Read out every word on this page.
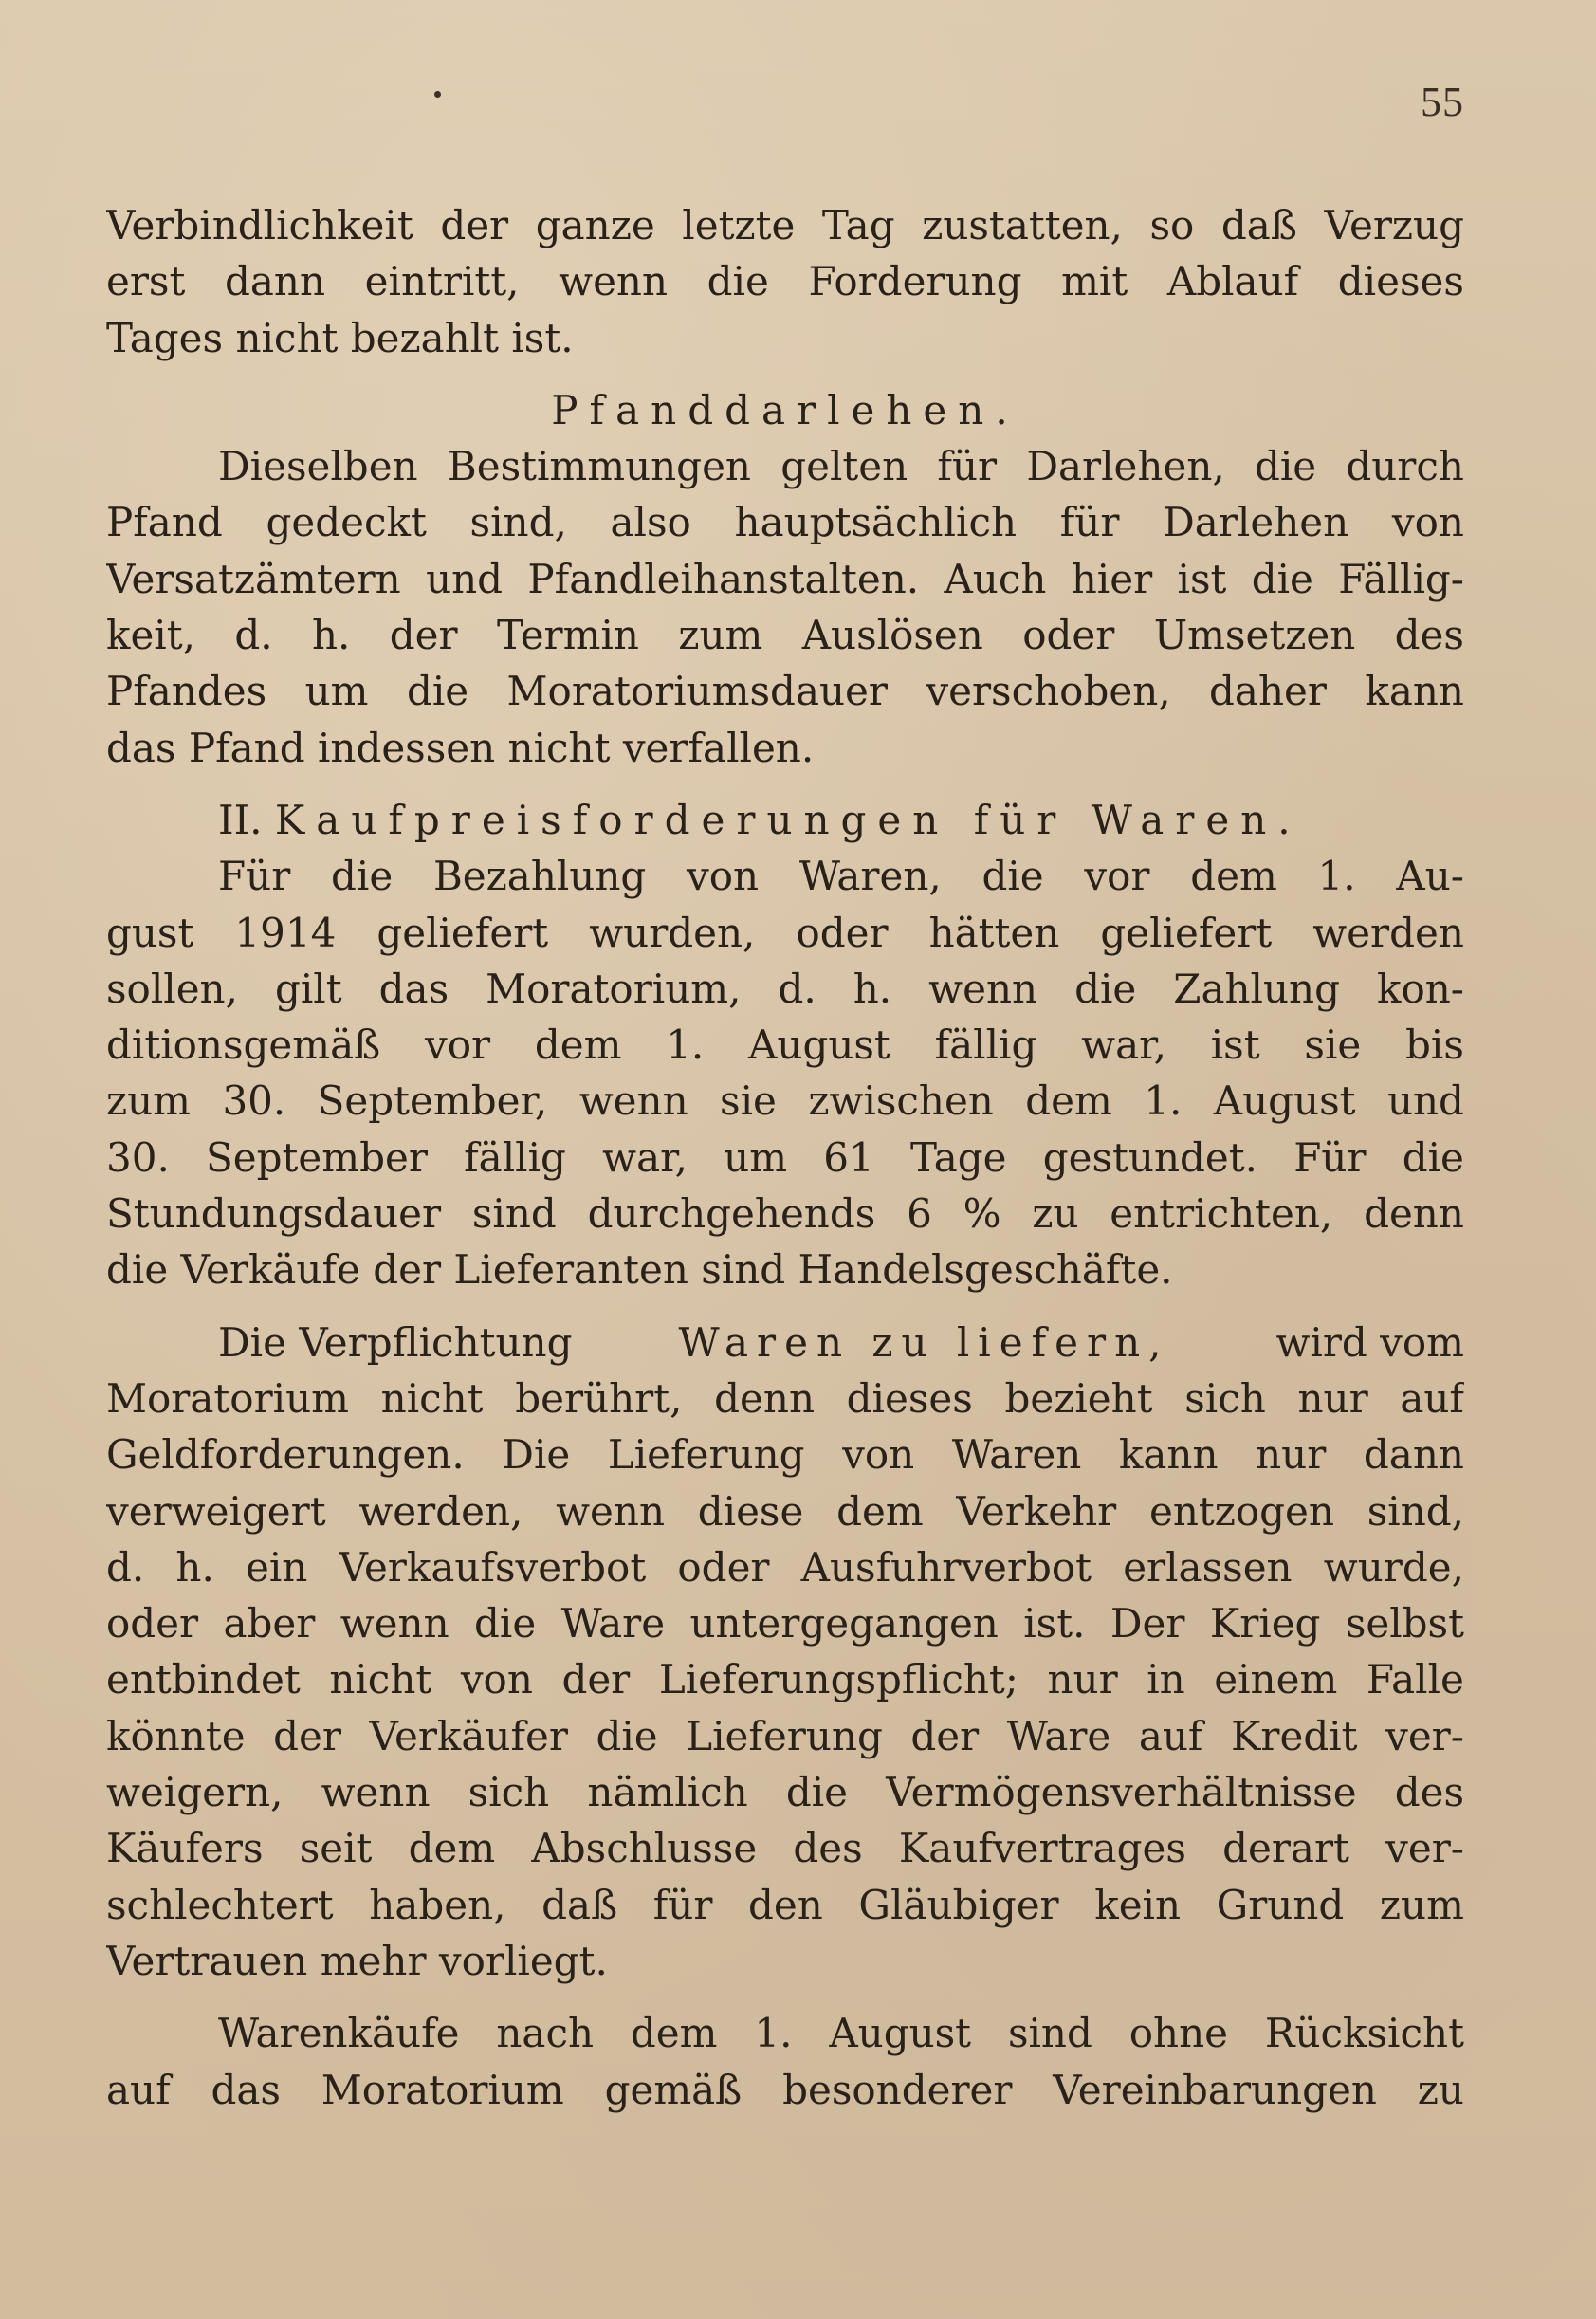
55
Verbindlichkeit der ganze letzte Tag zustatten, so daß Verzug
erst dann eintritt, wenn die Forderung mit Ablauf dieses
Tages nicht bezahlt ist.
Pfanddarlehen.
Dieselben Bestimmungen gelten für Darlehen, die durch
Pfand gedeckt sind, also hauptsächlich für Darlehen von
Versatzämtern und Pfandleihanstalten. Auch hier ist die Fällig-
keit, d. h. der Termin zum Auslösen oder Umsetzen des
Pfandes um die Moratoriumsdauer verschoben, daher kann
das Pfand indessen nicht verfallen.
II. Kaufpreisforderungen für Waren.
Für die Bezahlung von Waren, die vor dem 1. Au-
gust 1914 geliefert wurden, oder hätten geliefert werden
sollen, gilt das Moratorium, d. h. wenn die Zahlung kon-
ditionsgemäß vor dem 1. August fällig war, ist sie bis
zum 30. September, wenn sie zwischen dem 1. August und
30. September fällig war, um 61 Tage gestundet. Für die
Stundungsdauer sind durchgehends 6 % zu entrichten, denn
die Verkäufe der Lieferanten sind Handelsgeschäfte.
Die Verpflichtung	Waren zu liefern,	wird vom
Moratorium nicht berührt, denn dieses bezieht sich nur auf
Geldforderungen. Die Lieferung von Waren kann nur dann
verweigert werden, wenn diese dem Verkehr entzogen sind,
d. h. ein Verkaufsverbot oder Ausfuhrverbot erlassen wurde,
oder aber wenn die Ware untergegangen ist. Der Krieg selbst
entbindet nicht von der Lieferungspflicht; nur in einem Falle
könnte der Verkäufer die Lieferung der Ware auf Kredit ver-
weigern, wenn sich nämlich die Vermögensverhältnisse des
Käufers seit dem Abschlusse des Kaufvertrages derart ver-
schlechtert haben, daß für den Gläubiger kein Grund zum
Vertrauen mehr vorliegt.
Warenkäufe nach dem 1. August sind ohne Rücksicht
auf das Moratorium gemäß besonderer Vereinbarungen zu
